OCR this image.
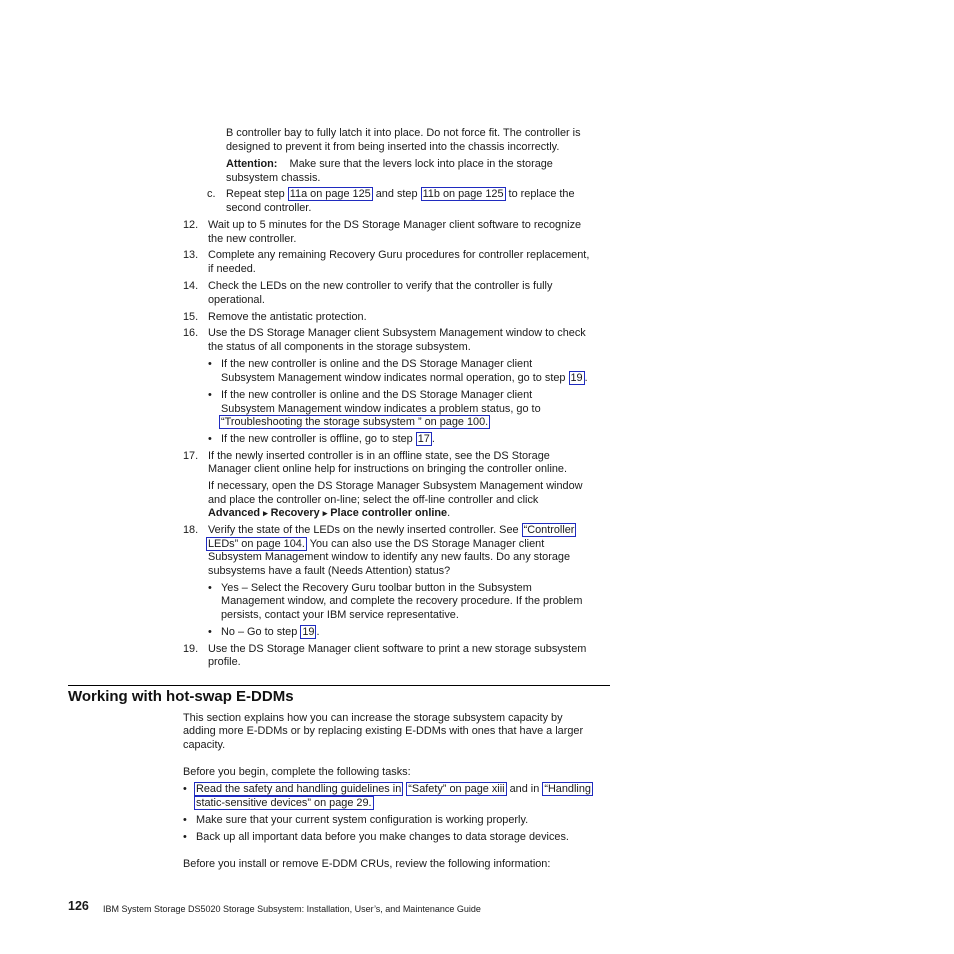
B controller bay to fully latch it into place. Do not force fit. The controller is
designed to prevent it from being inserted into the chassis incorrectly.
Attention: Make sure that the levers lock into place in the storage
subsystem chassis.
c. Repeat step 11a on page 125 and step 11b on page 125 to replace the
second controller.
12. Wait up to 5 minutes for the DS Storage Manager client software to recognize
the new controller.
13. Complete any remaining Recovery Guru procedures for controller replacement,
if needed.
14. Check the LEDs on the new controller to verify that the controller is fully
operational.
15. Remove the antistatic protection.
16. Use the DS Storage Manager client Subsystem Management window to check
the status of all components in the storage subsystem.
• If the new controller is online and the DS Storage Manager client
Subsystem Management window indicates normal operation, go to step 19 .
• If the new controller is online and the DS Storage Manager client
Subsystem Management window indicates a problem status, go to
“Troubleshooting the storage subsystem ” on page 100.
• If the new controller is offline, go to step 17 .
17. If the newly inserted controller is in an offline state, see the DS Storage
Manager client online help for instructions on bringing the controller online.
If necessary, open the DS Storage Manager Subsystem Management window
and place the controller on-line; select the off-line controller and click
Advanced ▸ Recovery ▸ Place controller online.
18. Verify the state of the LEDs on the newly inserted controller. See “Controller
LEDs” on page 104. You can also use the DS Storage Manager client
Subsystem Management window to identify any new faults. Do any storage
subsystems have a fault (Needs Attention) status?
• Yes – Select the Recovery Guru toolbar button in the Subsystem
Management window, and complete the recovery procedure. If the problem
persists, contact your IBM service representative.
• No – Go to step 19 .
19. Use the DS Storage Manager client software to print a new storage subsystem
profile.
Working with hot-swap E-DDMs
This section explains how you can increase the storage subsystem capacity by
adding more E-DDMs or by replacing existing E-DDMs with ones that have a larger
capacity.
Before you begin, complete the following tasks:
• Read the safety and handling guidelines in “Safety” on page xiii and in “Handling
static-sensitive devices” on page 29.
• Make sure that your current system configuration is working properly.
• Back up all important data before you make changes to data storage devices.
Before you install or remove E-DDM CRUs, review the following information:
126 IBM System Storage DS5020 Storage Subsystem: Installation, User’s, and Maintenance Guide
